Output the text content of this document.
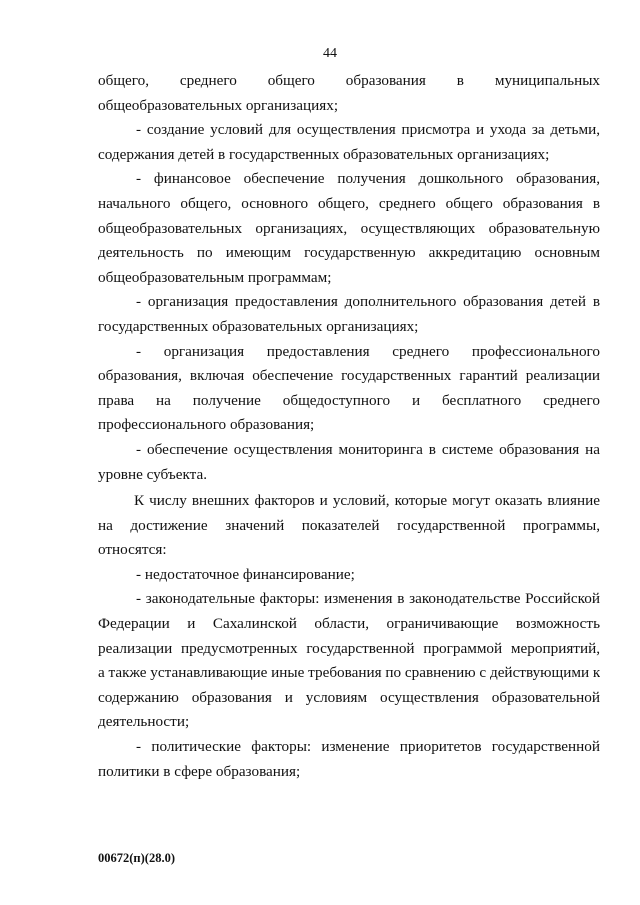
44
общего, среднего общего образования в муниципальных
общеобразовательных организациях;
- создание условий для осуществления присмотра и ухода за детьми,
содержания детей в государственных образовательных организациях;
- финансовое обеспечение получения дошкольного образования,
начального общего, основного общего, среднего общего образования в
общеобразовательных организациях, осуществляющих образовательную
деятельность по имеющим государственную аккредитацию основным
общеобразовательным программам;
- организация предоставления дополнительного образования детей в
государственных образовательных организациях;
- организация предоставления среднего профессионального
образования, включая обеспечение государственных гарантий реализации
права на получение общедоступного и бесплатного среднего
профессионального образования;
- обеспечение осуществления мониторинга в системе образования на
уровне субъекта.
К числу внешних факторов и условий, которые могут оказать влияние
на достижение значений показателей государственной программы,
относятся:
- недостаточное финансирование;
- законодательные факторы: изменения в законодательстве Российской
Федерации и Сахалинской области, ограничивающие возможность
реализации предусмотренных государственной программой мероприятий,
а также устанавливающие иные требования по сравнению с действующими к
содержанию образования и условиям осуществления образовательной
деятельности;
- политические факторы: изменение приоритетов государственной
политики в сфере образования;
00672(п)(28.0)
